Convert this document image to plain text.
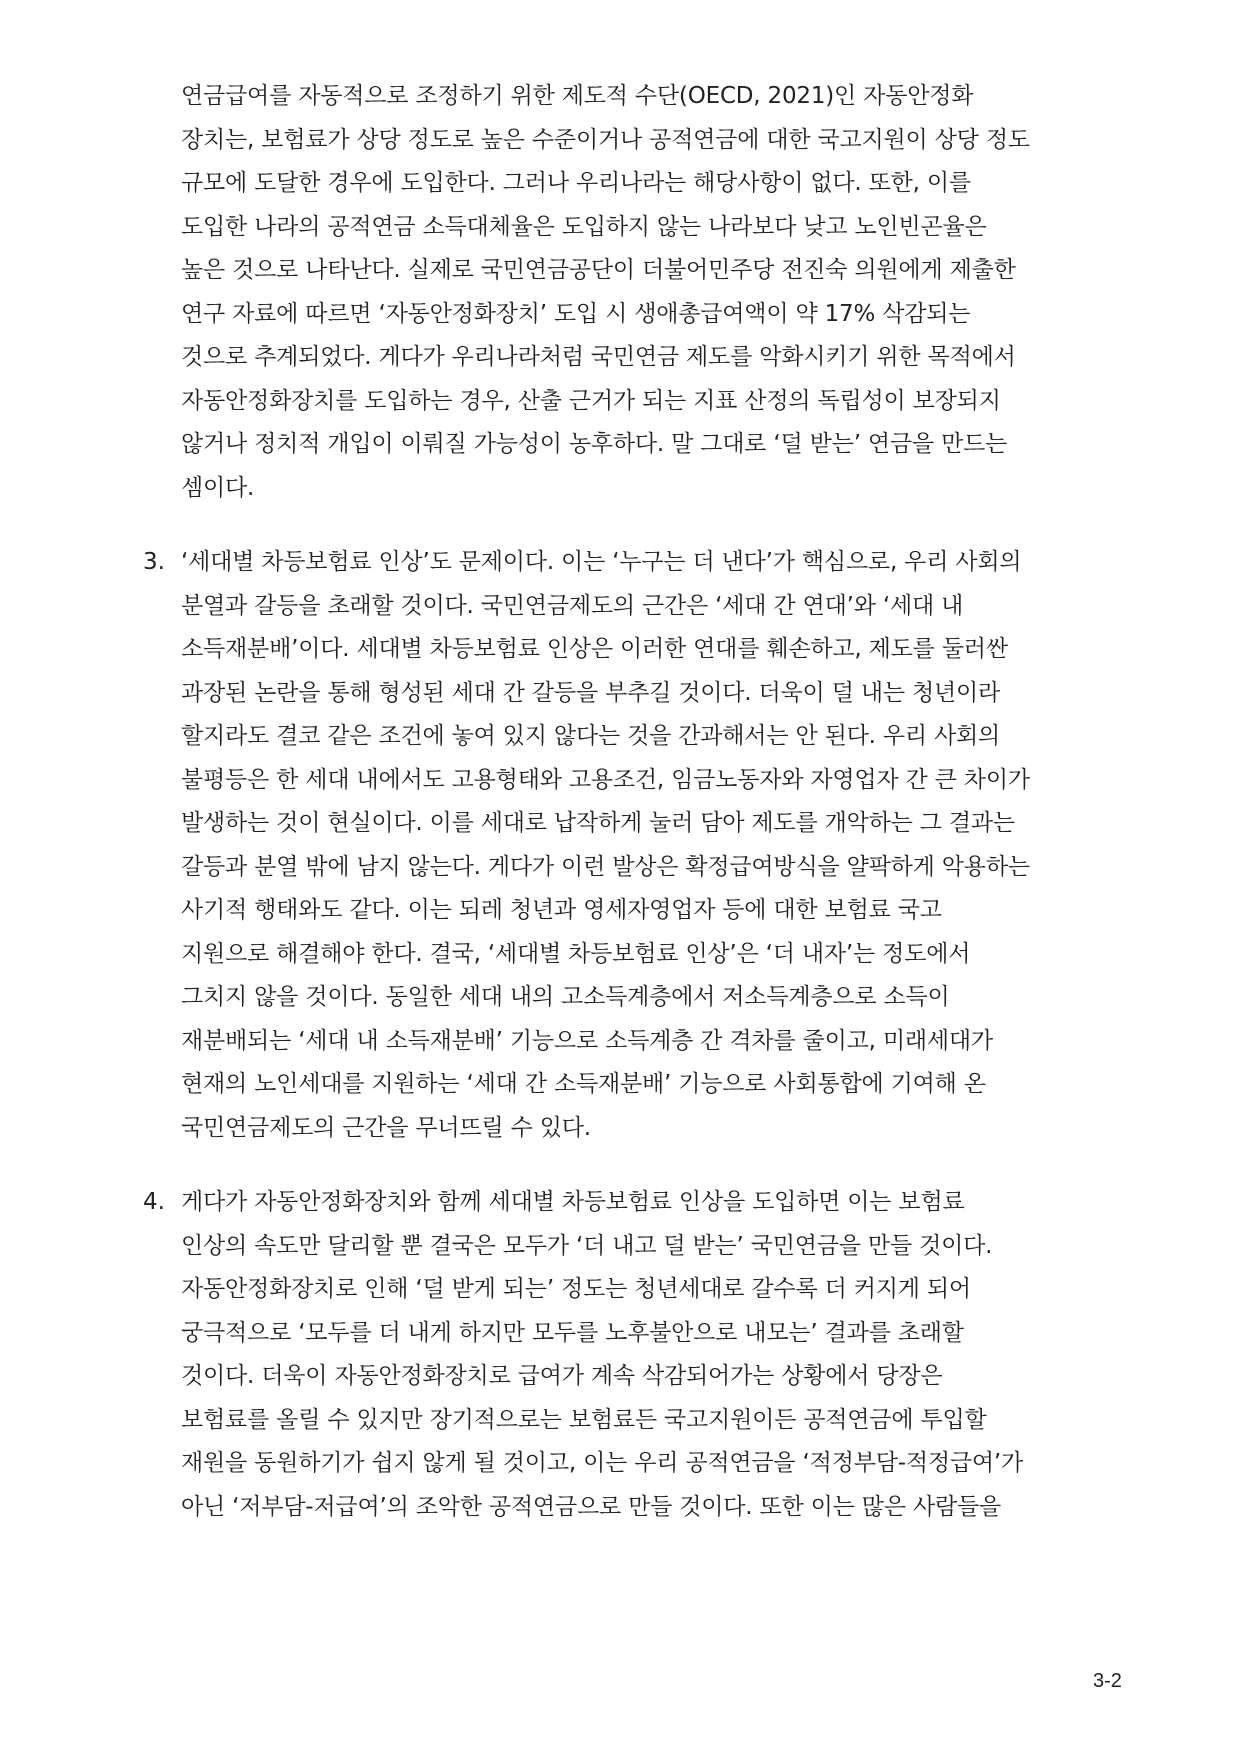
연금급여를 자동적으로 조정하기 위한 제도적 수단(OECD, 2021)인 자동안정화
장치는, 보험료가 상당 정도로 높은 수준이거나 공적연금에 대한 국고지원이 상당 정도
규모에 도달한 경우에 도입한다. 그러나 우리나라는 해당사항이 없다. 또한, 이를
도입한 나라의 공적연금 소득대체율은 도입하지 않는 나라보다 낮고 노인빈곤율은
높은 것으로 나타난다. 실제로 국민연금공단이 더불어민주당 전진숙 의원에게 제출한
연구 자료에 따르면 ‘자동안정화장치’ 도입 시 생애총급여액이 약 17% 삭감되는
것으로 추계되었다. 게다가 우리나라처럼 국민연금 제도를 악화시키기 위한 목적에서
자동안정화장치를 도입하는 경우, 산출 근거가 되는 지표 산정의 독립성이 보장되지
않거나 정치적 개입이 이뤄질 가능성이 농후하다. 말 그대로 ‘덜 받는’ 연금을 만드는
셈이다.
3. ‘세대별 차등보험료 인상’도 문제이다. 이는 ‘누구는 더 낸다’가 핵심으로, 우리 사회의
분열과 갈등을 초래할 것이다. 국민연금제도의 근간은 ‘세대 간 연대’와 ‘세대 내
소득재분배’이다. 세대별 차등보험료 인상은 이러한 연대를 훼손하고, 제도를 둘러싼
과장된 논란을 통해 형성된 세대 간 갈등을 부추길 것이다. 더욱이 덜 내는 청년이라
할지라도 결코 같은 조건에 놓여 있지 않다는 것을 간과해서는 안 된다. 우리 사회의
불평등은 한 세대 내에서도 고용형태와 고용조건, 임금노동자와 자영업자 간 큰 차이가
발생하는 것이 현실이다. 이를 세대로 납작하게 눌러 담아 제도를 개악하는 그 결과는
갈등과 분열 밖에 남지 않는다. 게다가 이런 발상은 확정급여방식을 얄팍하게 악용하는
사기적 행태와도 같다. 이는 되레 청년과 영세자영업자 등에 대한 보험료 국고
지원으로 해결해야 한다. 결국, ‘세대별 차등보험료 인상’은 ‘더 내자’는 정도에서
그치지 않을 것이다. 동일한 세대 내의 고소득계층에서 저소득계층으로 소득이
재분배되는 ‘세대 내 소득재분배’ 기능으로 소득계층 간 격차를 줄이고, 미래세대가
현재의 노인세대를 지원하는 ‘세대 간 소득재분배’ 기능으로 사회통합에 기여해 온
국민연금제도의 근간을 무너뜨릴 수 있다.
4. 게다가 자동안정화장치와 함께 세대별 차등보험료 인상을 도입하면 이는 보험료
인상의 속도만 달리할 뿐 결국은 모두가 ‘더 내고 덜 받는’ 국민연금을 만들 것이다.
자동안정화장치로 인해 ‘덜 받게 되는’ 정도는 청년세대로 갈수록 더 커지게 되어
궁극적으로 ‘모두를 더 내게 하지만 모두를 노후불안으로 내모는’ 결과를 초래할
것이다. 더욱이 자동안정화장치로 급여가 계속 삭감되어가는 상황에서 당장은
보험료를 올릴 수 있지만 장기적으로는 보험료든 국고지원이든 공적연금에 투입할
재원을 동원하기가 쉽지 않게 될 것이고, 이는 우리 공적연금을 ‘적정부담-적정급여’가
아닌 ‘저부담-저급여’의 조악한 공적연금으로 만들 것이다. 또한 이는 많은 사람들을
3-2
